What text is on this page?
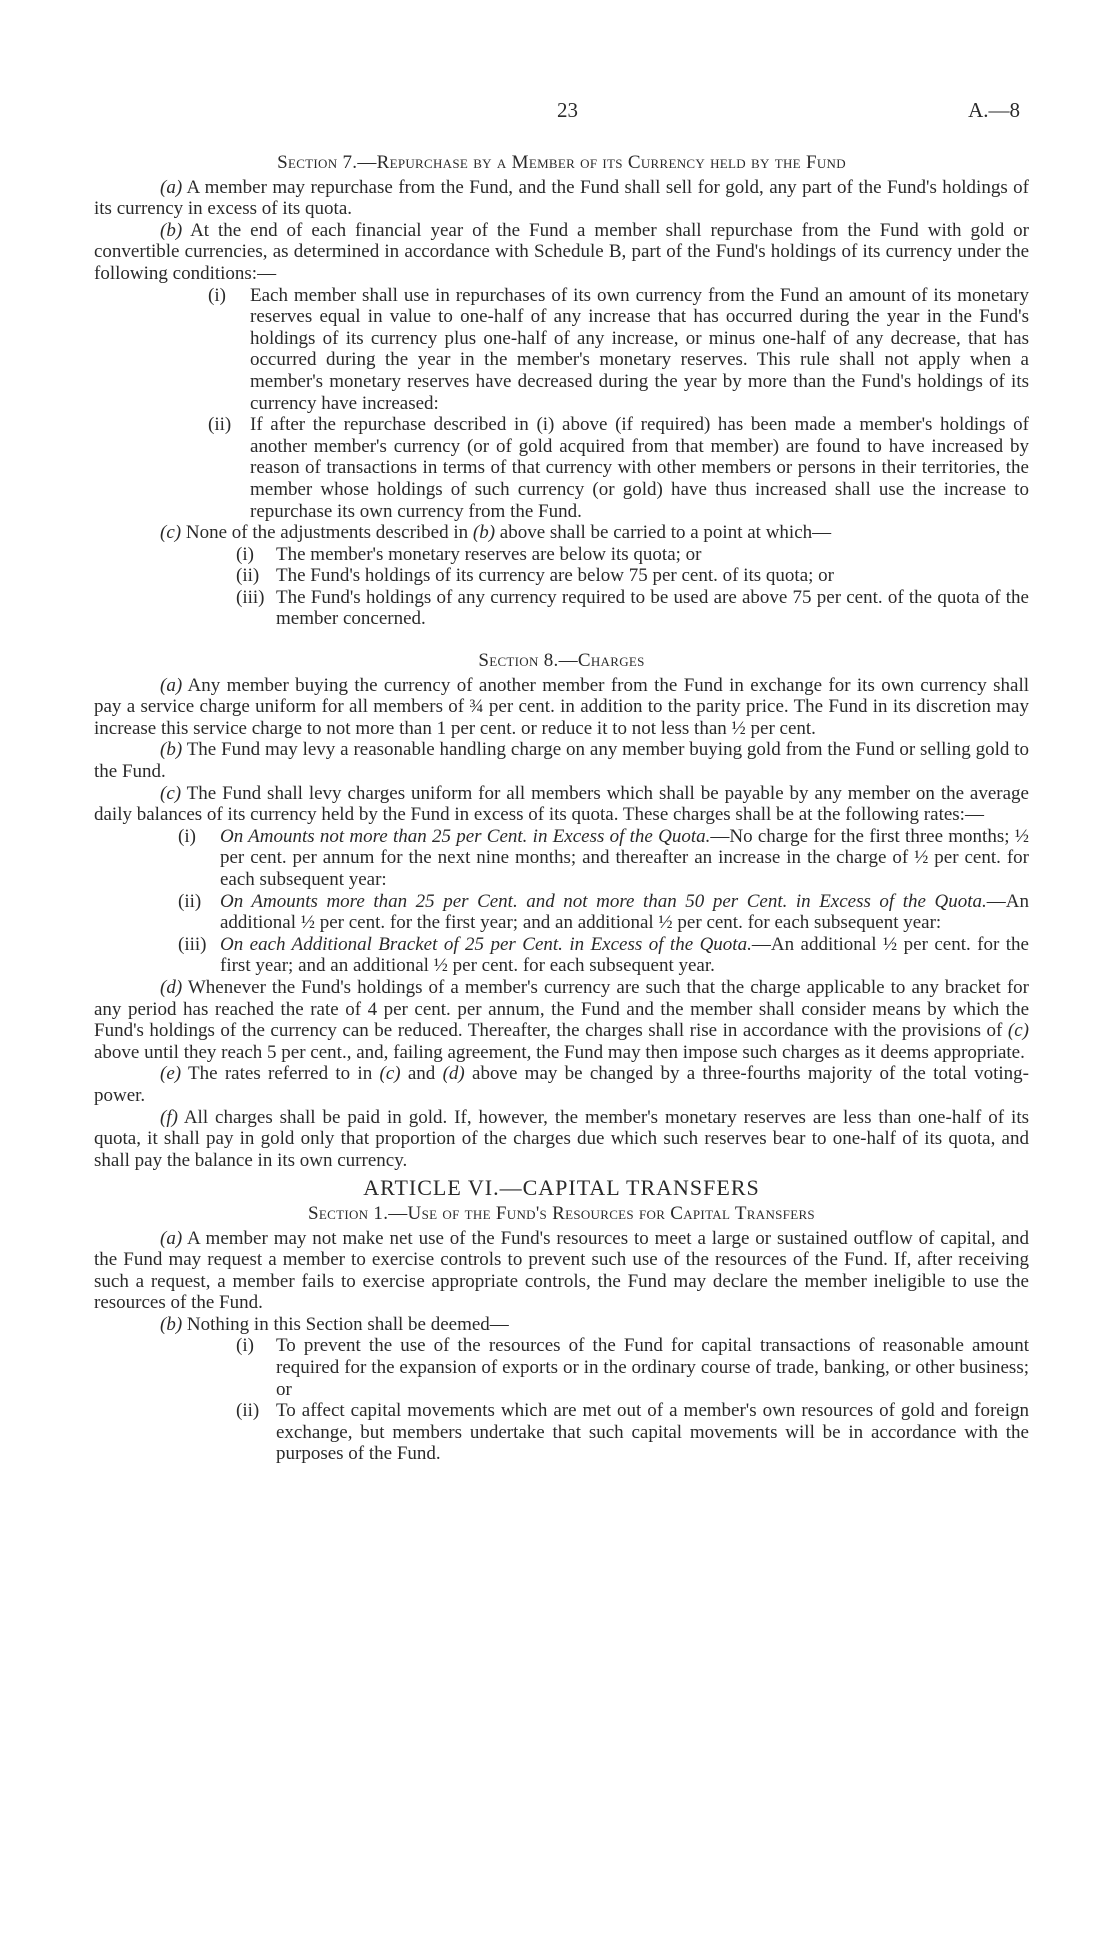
23	A.—8
Section 7.—Repurchase by a Member of its Currency held by the Fund

(a) A member may repurchase from the Fund, and the Fund shall sell for gold, any part of the Fund's holdings of its currency in excess of its quota.

(b) At the end of each financial year of the Fund a member shall repurchase from the Fund with gold or convertible currencies, as determined in accordance with Schedule B, part of the Fund's holdings of its currency under the following conditions:—

(i) Each member shall use in repurchases of its own currency from the Fund an amount of its monetary reserves equal in value to one-half of any increase that has occurred during the year in the Fund's holdings of its currency plus one-half of any increase, or minus one-half of any decrease, that has occurred during the year in the member's monetary reserves. This rule shall not apply when a member's monetary reserves have decreased during the year by more than the Fund's holdings of its currency have increased:
(ii) If after the repurchase described in (i) above (if required) has been made a member's holdings of another member's currency (or of gold acquired from that member) are found to have increased by reason of transactions in terms of that currency with other members or persons in their territories, the member whose holdings of such currency (or gold) have thus increased shall use the increase to repurchase its own currency from the Fund.

(c) None of the adjustments described in (b) above shall be carried to a point at which—

(i) The member's monetary reserves are below its quota; or
(ii) The Fund's holdings of its currency are below 75 per cent. of its quota; or
(iii) The Fund's holdings of any currency required to be used are above 75 per cent. of the quota of the member concerned.
Section 8.—Charges

(a) Any member buying the currency of another member from the Fund in exchange for its own currency shall pay a service charge uniform for all members of ¾ per cent. in addition to the parity price. The Fund in its discretion may increase this service charge to not more than 1 per cent. or reduce it to not less than ½ per cent.

(b) The Fund may levy a reasonable handling charge on any member buying gold from the Fund or selling gold to the Fund.

(c) The Fund shall levy charges uniform for all members which shall be payable by any member on the average daily balances of its currency held by the Fund in excess of its quota. These charges shall be at the following rates:—

(i) On Amounts not more than 25 per Cent. in Excess of the Quota.—No charge for the first three months; ½ per cent. per annum for the next nine months; and thereafter an increase in the charge of ½ per cent. for each subsequent year:
(ii) On Amounts more than 25 per Cent. and not more than 50 per Cent. in Excess of the Quota.—An additional ½ per cent. for the first year; and an additional ½ per cent. for each subsequent year:
(iii) On each Additional Bracket of 25 per Cent. in Excess of the Quota.—An additional ½ per cent. for the first year; and an additional ½ per cent. for each subsequent year.

(d) Whenever the Fund's holdings of a member's currency are such that the charge applicable to any bracket for any period has reached the rate of 4 per cent. per annum, the Fund and the member shall consider means by which the Fund's holdings of the currency can be reduced. Thereafter, the charges shall rise in accordance with the provisions of (c) above until they reach 5 per cent., and, failing agreement, the Fund may then impose such charges as it deems appropriate.

(e) The rates referred to in (c) and (d) above may be changed by a three-fourths majority of the total voting-power.

(f) All charges shall be paid in gold. If, however, the member's monetary reserves are less than one-half of its quota, it shall pay in gold only that proportion of the charges due which such reserves bear to one-half of its quota, and shall pay the balance in its own currency.

ARTICLE VI.—CAPITAL TRANSFERS
Section 1.—Use of the Fund's Resources for Capital Transfers

(a) A member may not make net use of the Fund's resources to meet a large or sustained outflow of capital, and the Fund may request a member to exercise controls to prevent such use of the resources of the Fund. If, after receiving such a request, a member fails to exercise appropriate controls, the Fund may declare the member ineligible to use the resources of the Fund.

(b) Nothing in this Section shall be deemed—

(i) To prevent the use of the resources of the Fund for capital transactions of reasonable amount required for the expansion of exports or in the ordinary course of trade, banking, or other business; or
(ii) To affect capital movements which are met out of a member's own resources of gold and foreign exchange, but members undertake that such capital movements will be in accordance with the purposes of the Fund.
